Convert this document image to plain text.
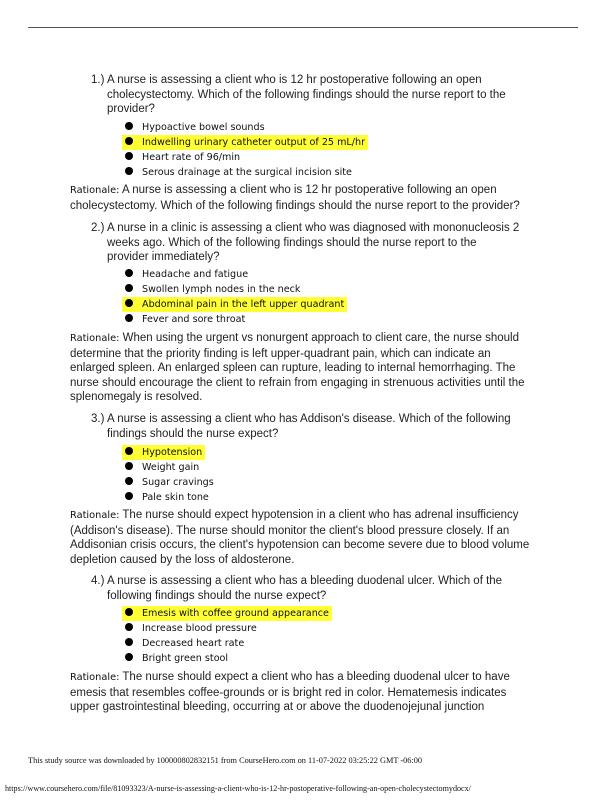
1.) A nurse is assessing a client who is 12 hr postoperative following an open cholecystectomy. Which of the following findings should the nurse report to the provider?
Hypoactive bowel sounds
Indwelling urinary catheter output of 25 mL/hr
Heart rate of 96/min
Serous drainage at the surgical incision site
Rationale: A nurse is assessing a client who is 12 hr postoperative following an open cholecystectomy. Which of the following findings should the nurse report to the provider?
2.) A nurse in a clinic is assessing a client who was diagnosed with mononucleosis 2 weeks ago. Which of the following findings should the nurse report to the provider immediately?
Headache and fatigue
Swollen lymph nodes in the neck
Abdominal pain in the left upper quadrant
Fever and sore throat
Rationale: When using the urgent vs nonurgent approach to client care, the nurse should determine that the priority finding is left upper-quadrant pain, which can indicate an enlarged spleen. An enlarged spleen can rupture, leading to internal hemorrhaging. The nurse should encourage the client to refrain from engaging in strenuous activities until the splenomegaly is resolved.
3.) A nurse is assessing a client who has Addison's disease. Which of the following findings should the nurse expect?
Hypotension
Weight gain
Sugar cravings
Pale skin tone
Rationale: The nurse should expect hypotension in a client who has adrenal insufficiency (Addison's disease). The nurse should monitor the client's blood pressure closely. If an Addisonian crisis occurs, the client's hypotension can become severe due to blood volume depletion caused by the loss of aldosterone.
4.) A nurse is assessing a client who has a bleeding duodenal ulcer. Which of the following findings should the nurse expect?
Emesis with coffee ground appearance
Increase blood pressure
Decreased heart rate
Bright green stool
Rationale: The nurse should expect a client who has a bleeding duodenal ulcer to have emesis that resembles coffee-grounds or is bright red in color. Hematemesis indicates upper gastrointestinal bleeding, occurring at or above the duodenojejunal junction
This study source was downloaded by 100000802832151 from CourseHero.com on 11-07-2022 03:25:22 GMT -06:00
https://www.coursehero.com/file/81093323/A-nurse-is-assessing-a-client-who-is-12-hr-postoperative-following-an-open-cholecystectomydocx/
